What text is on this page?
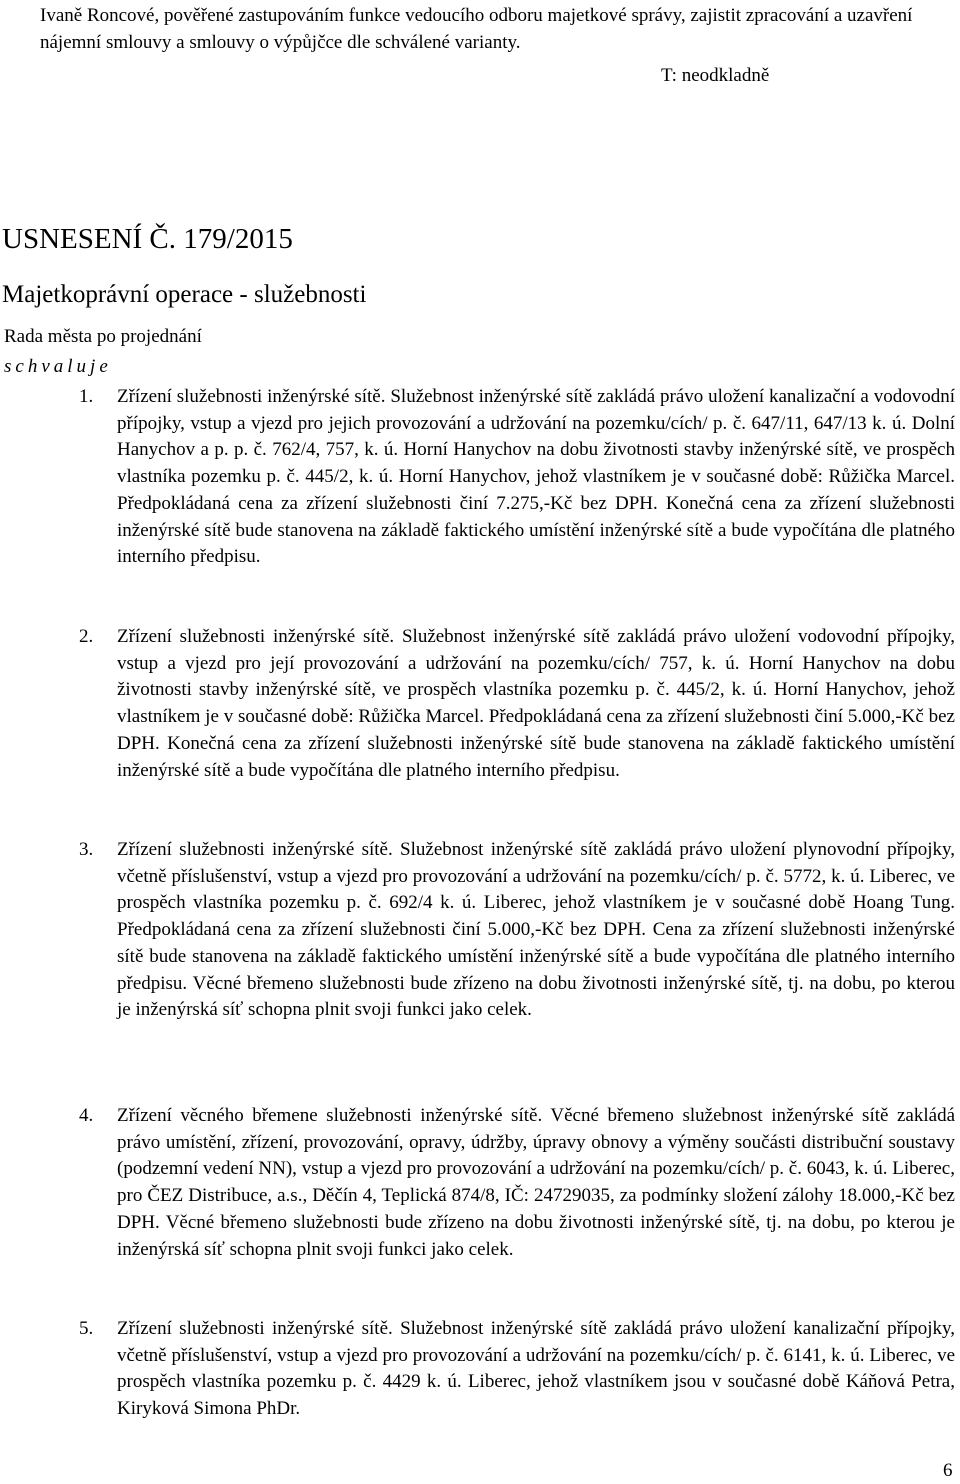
Ivaně Roncové, pověřené zastupováním funkce vedoucího odboru majetkové správy, zajistit zpracování a uzavření nájemní smlouvy a smlouvy o výpůjčce dle schválené varianty.

T: neodkladně

USNESENÍ Č. 179/2015
Majetkoprávní operace - služebnosti

Rada města po projednání

schvaluje

1. Zřízení služebnosti inženýrské sítě. Služebnost inženýrské sítě zakládá právo uložení kanalizační a vodovodní přípojky, vstup a vjezd pro jejich provozování a udržování na pozemku/cích/ p. č. 647/11, 647/13 k. ú. Dolní Hanychov a p. p. č. 762/4, 757, k. ú. Horní Hanychov na dobu životnosti stavby inženýrské sítě, ve prospěch vlastníka pozemku p. č. 445/2, k. ú. Horní Hanychov, jehož vlastníkem je v současné době: Růžička Marcel. Předpokládaná cena za zřízení služebnosti činí 7.275,-Kč bez DPH. Konečná cena za zřízení služebnosti inženýrské sítě bude stanovena na základě faktického umístění inženýrské sítě a bude vypočítána dle platného interního předpisu.

2. Zřízení služebnosti inženýrské sítě. Služebnost inženýrské sítě zakládá právo uložení vodovodní přípojky, vstup a vjezd pro její provozování a udržování na pozemku/cích/ 757, k. ú. Horní Hanychov na dobu životnosti stavby inženýrské sítě, ve prospěch vlastníka pozemku p. č. 445/2, k. ú. Horní Hanychov, jehož vlastníkem je v současné době: Růžička Marcel. Předpokládaná cena za zřízení služebnosti činí 5.000,-Kč bez DPH. Konečná cena za zřízení služebnosti inženýrské sítě bude stanovena na základě faktického umístění inženýrské sítě a bude vypočítána dle platného interního předpisu.

3. Zřízení služebnosti inženýrské sítě. Služebnost inženýrské sítě zakládá právo uložení plynovodní přípojky, včetně příslušenství, vstup a vjezd pro provozování a udržování na pozemku/cích/ p. č. 5772, k. ú. Liberec, ve prospěch vlastníka pozemku p. č. 692/4 k. ú. Liberec, jehož vlastníkem je v současné době Hoang Tung. Předpokládaná cena za zřízení služebnosti činí 5.000,-Kč bez DPH. Cena za zřízení služebnosti inženýrské sítě bude stanovena na základě faktického umístění inženýrské sítě a bude vypočítána dle platného interního předpisu. Věcné břemeno služebnosti bude zřízeno na dobu životnosti inženýrské sítě, tj. na dobu, po kterou je inženýrská síť schopna plnit svoji funkci jako celek.

4. Zřízení věcného břemene služebnosti inženýrské sítě. Věcné břemeno služebnost inženýrské sítě zakládá právo umístění, zřízení, provozování, opravy, údržby, úpravy obnovy a výměny součásti distribuční soustavy (podzemní vedení NN), vstup a vjezd pro provozování a udržování na pozemku/cích/ p. č. 6043, k. ú. Liberec, pro ČEZ Distribuce, a.s., Děčín 4, Teplická 874/8, IČ: 24729035, za podmínky složení zálohy 18.000,-Kč bez DPH. Věcné břemeno služebnosti bude zřízeno na dobu životnosti inženýrské sítě, tj. na dobu, po kterou je inženýrská síť schopna plnit svoji funkci jako celek.

5. Zřízení služebnosti inženýrské sítě. Služebnost inženýrské sítě zakládá právo uložení kanalizační přípojky, včetně příslušenství, vstup a vjezd pro provozování a udržování na pozemku/cích/ p. č. 6141, k. ú. Liberec, ve prospěch vlastníka pozemku p. č. 4429 k. ú. Liberec, jehož vlastníkem jsou v současné době Káňová Petra, Kiryková Simona PhDr.

6
